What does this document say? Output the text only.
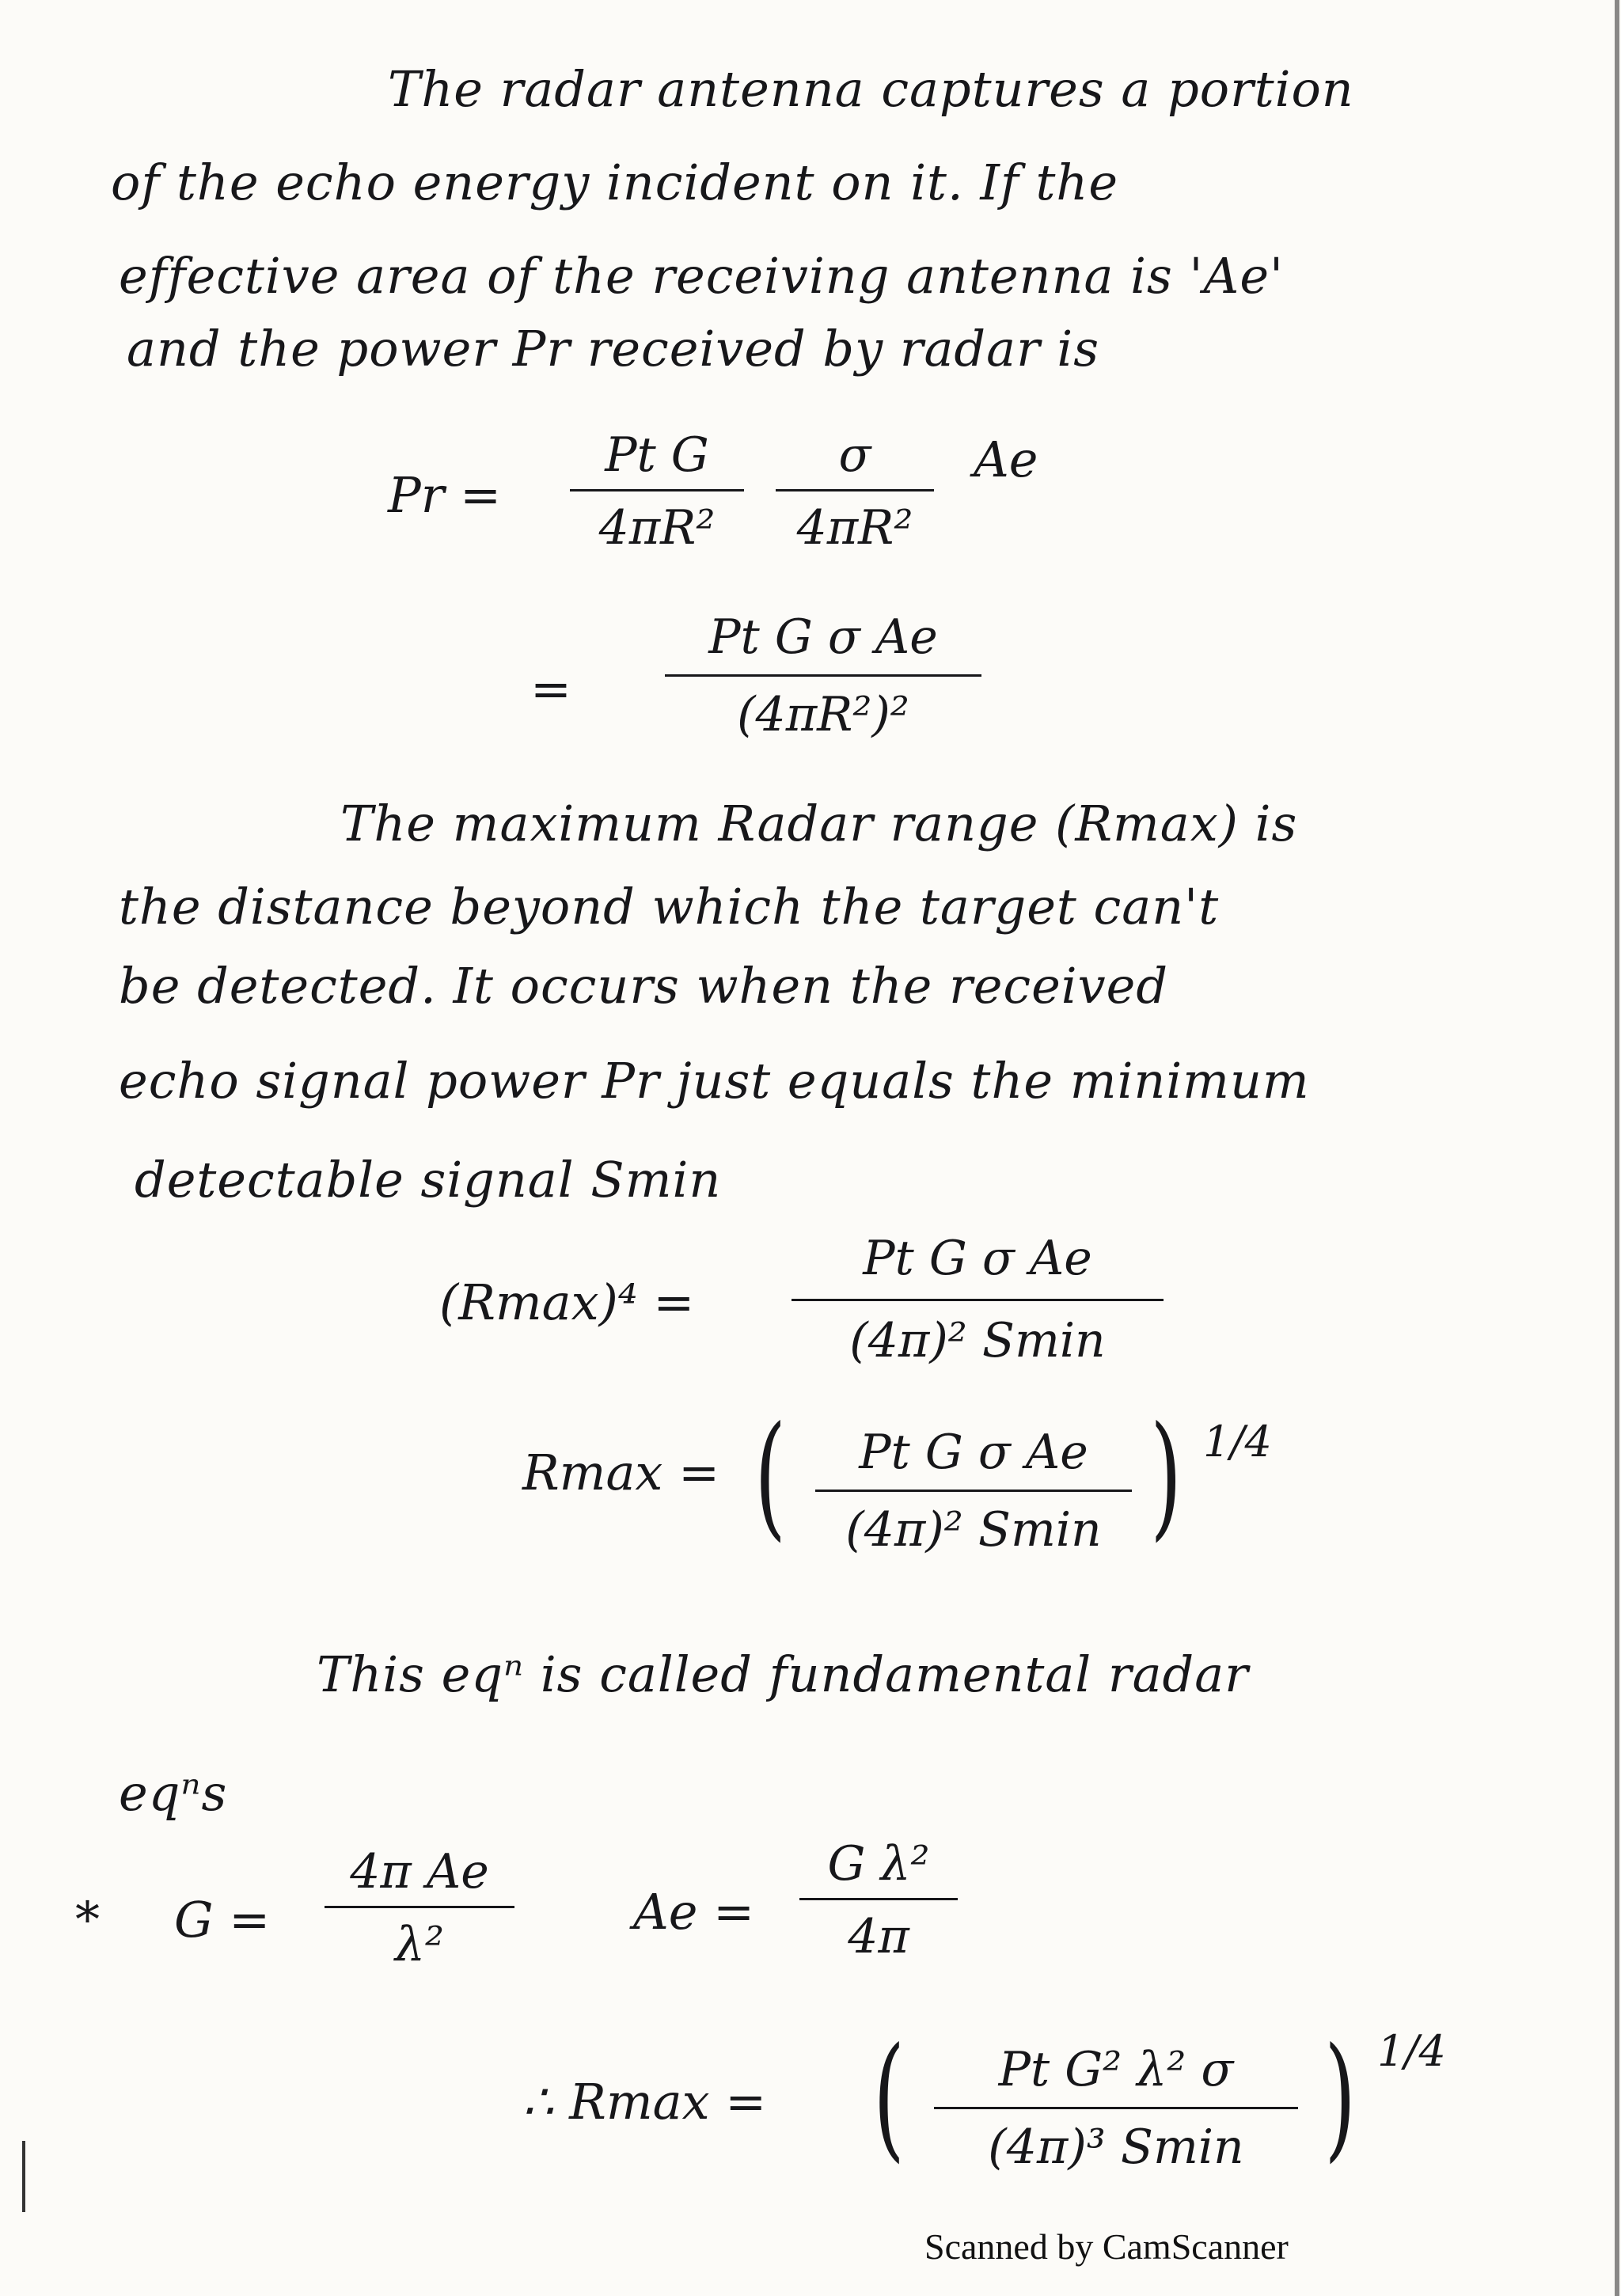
The radar antenna captures a portion
of the echo energy incident on it. If the
effective area of the receiving antenna is 'Ae'
and the power Pr received by radar is
Pr =
Pt G
4πR²
σ
4πR²
Ae
=
Pt G σ Ae
(4πR²)²
The maximum Radar range (Rmax) is
the distance beyond which the target can't
be detected. It occurs when the received
echo signal power Pr just equals the minimum
detectable signal Smin
(Rmax)⁴ =
Pt G σ Ae
(4π)² Smin
Rmax = (	Pt G σ Ae
(4π)² Smin ) 1/4
This eqⁿ is called fundamental radar
eqⁿs
* G =
4π Ae
λ²
Ae =
G λ²
4π
∴ Rmax = (	Pt G² λ² σ
(4π)³ Smin ) 1/4
Scanned by CamScanner
